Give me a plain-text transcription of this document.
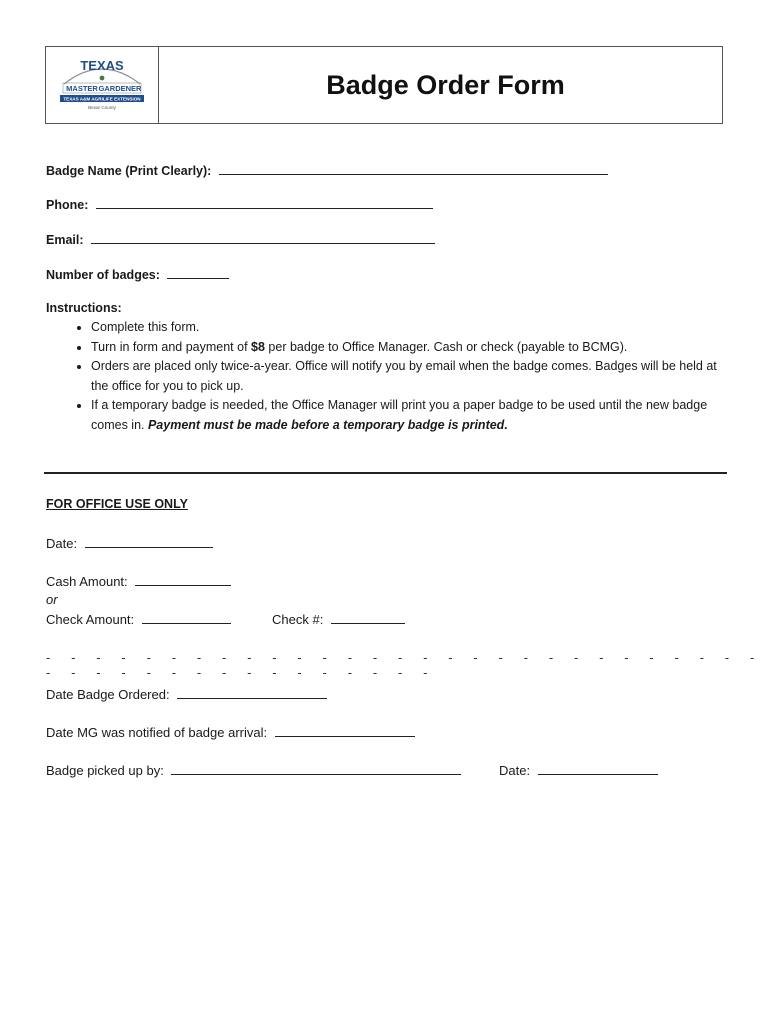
TEXAS
MASTER GARDENER
TEXAS A&M AGRILIFE EXTENSION
Bexar County
Badge Order Form
Badge Name (Print Clearly):
Phone:
Email:
Number of badges:
Instructions:
• Complete this form.
• Turn in form and payment of $8 per badge to Office Manager. Cash or check (payable to BCMG).
• Orders are placed only twice-a-year. Office will notify you by email when the badge comes. Badges will be held at the office for you to pick up.
• If a temporary badge is needed, the Office Manager will print you a paper badge to be used until the new badge comes in. Payment must be made before a temporary badge is printed.
FOR OFFICE USE ONLY
Date:
Cash Amount:
or
Check Amount:	Check #:
- - - - - - - - - - - - - - - - - - - - - - - - - - - - - - - - - - - - - - - - - - - - -
Date Badge Ordered:
Date MG was notified of badge arrival:
Badge picked up by:	Date:
